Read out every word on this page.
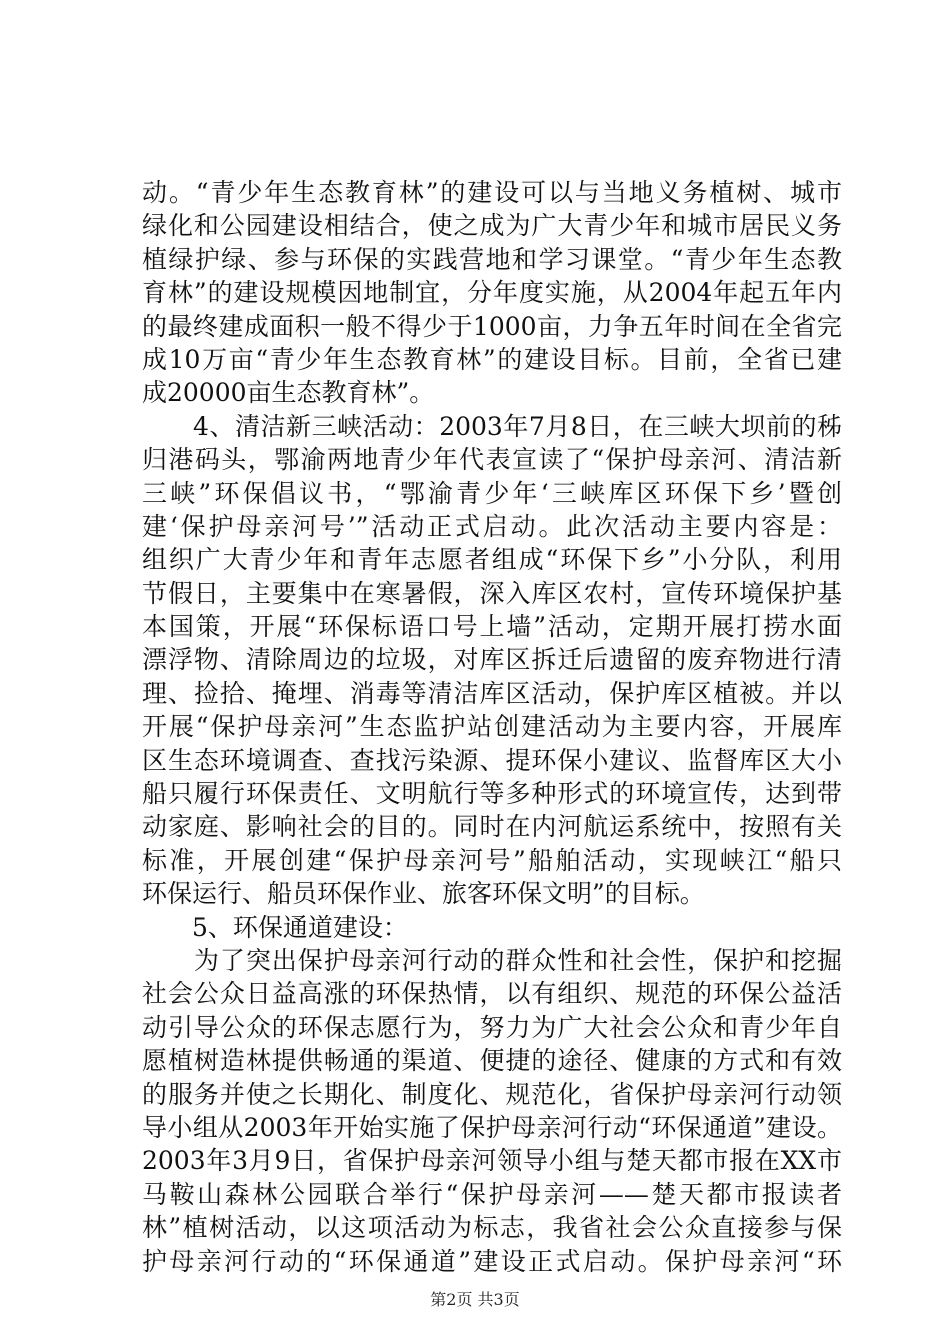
动。“青少年生态教育林”的建设可以与当地义务植树、城市
绿化和公园建设相结合，使之成为广大青少年和城市居民义务
植绿护绿、参与环保的实践营地和学习课堂。“青少年生态教
育林”的建设规模因地制宜，分年度实施，从2004年起五年内
的最终建成面积一般不得少于1000亩，力争五年时间在全省完
成10万亩“青少年生态教育林”的建设目标。目前，全省已建
成20000亩生态教育林”。
　　4、清洁新三峡活动：2003年7月8日，在三峡大坝前的秭
归港码头，鄂渝两地青少年代表宣读了“保护母亲河、清洁新
三峡”环保倡议书，“鄂渝青少年‘三峡库区环保下乡’暨创
建‘保护母亲河号’”活动正式启动。此次活动主要内容是：
组织广大青少年和青年志愿者组成“环保下乡”小分队，利用
节假日，主要集中在寒暑假，深入库区农村，宣传环境保护基
本国策，开展“环保标语口号上墙”活动，定期开展打捞水面
漂浮物、清除周边的垃圾，对库区拆迁后遗留的废弃物进行清
理、捡拾、掩埋、消毒等清洁库区活动，保护库区植被。并以
开展“保护母亲河”生态监护站创建活动为主要内容，开展库
区生态环境调查、查找污染源、提环保小建议、监督库区大小
船只履行环保责任、文明航行等多种形式的环境宣传，达到带
动家庭、影响社会的目的。同时在内河航运系统中，按照有关
标准，开展创建“保护母亲河号”船舶活动，实现峡江“船只
环保运行、船员环保作业、旅客环保文明”的目标。
　　5、环保通道建设：
　　为了突出保护母亲河行动的群众性和社会性，保护和挖掘
社会公众日益高涨的环保热情，以有组织、规范的环保公益活
动引导公众的环保志愿行为，努力为广大社会公众和青少年自
愿植树造林提供畅通的渠道、便捷的途径、健康的方式和有效
的服务并使之长期化、制度化、规范化，省保护母亲河行动领
导小组从2003年开始实施了保护母亲河行动“环保通道”建设。
2003年3月9日，省保护母亲河领导小组与楚天都市报在XX市
马鞍山森林公园联合举行“保护母亲河——楚天都市报读者
林”植树活动，以这项活动为标志，我省社会公众直接参与保
护母亲河行动的“环保通道”建设正式启动。保护母亲河“环
第2页 共3页
